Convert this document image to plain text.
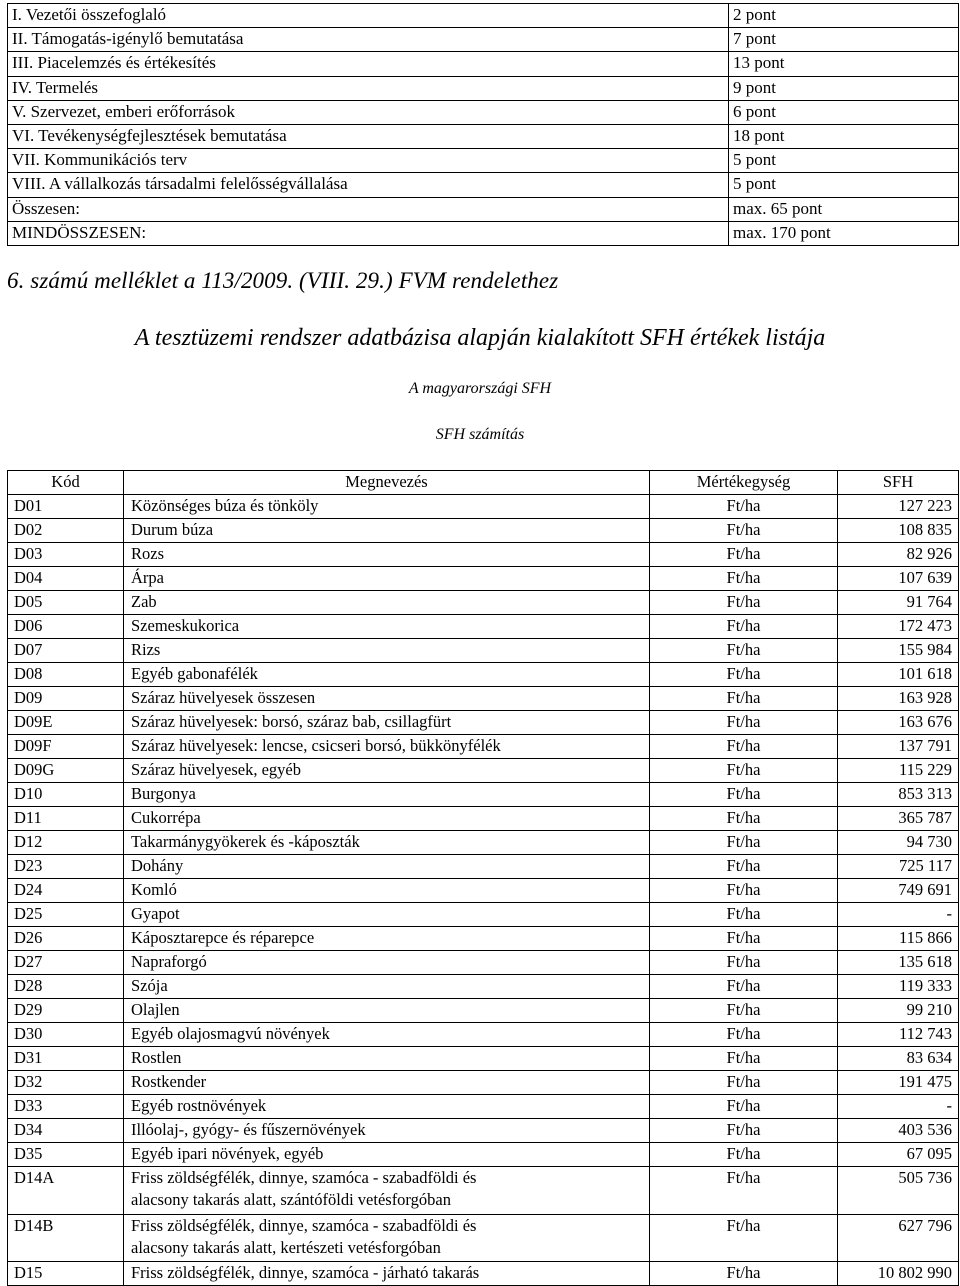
I. Vezetői összefoglaló	2 pont
II. Támogatás-igénylő bemutatása	7 pont
III. Piacelemzés és értékesítés	13 pont
IV. Termelés	9 pont
V. Szervezet, emberi erőforrások	6 pont
VI. Tevékenységfejlesztések bemutatása	18 pont
VII. Kommunikációs terv	5 pont
VIII. A vállalkozás társadalmi felelősségvállalása	5 pont
Összesen:	max. 65 pont
MINDÖSSZESEN:	max. 170 pont
6. számú melléklet a 113/2009. (VIII. 29.) FVM rendelethez
A tesztüzemi rendszer adatbázisa alapján kialakított SFH értékek listája
A magyarországi SFH
SFH számítás
Kód	Megnevezés	Mértékegység	SFH
D01	Közönséges búza és tönköly	Ft/ha	127 223
D02	Durum búza	Ft/ha	108 835
D03	Rozs	Ft/ha	82 926
D04	Árpa	Ft/ha	107 639
D05	Zab	Ft/ha	91 764
D06	Szemeskukorica	Ft/ha	172 473
D07	Rizs	Ft/ha	155 984
D08	Egyéb gabonafélék	Ft/ha	101 618
D09	Száraz hüvelyesek összesen	Ft/ha	163 928
D09E	Száraz hüvelyesek: borsó, száraz bab, csillagfürt	Ft/ha	163 676
D09F	Száraz hüvelyesek: lencse, csicseri borsó, bükkönyfélék	Ft/ha	137 791
D09G	Száraz hüvelyesek, egyéb	Ft/ha	115 229
D10	Burgonya	Ft/ha	853 313
D11	Cukorrépa	Ft/ha	365 787
D12	Takarmánygyökerek és -káposzták	Ft/ha	94 730
D23	Dohány	Ft/ha	725 117
D24	Komló	Ft/ha	749 691
D25	Gyapot	Ft/ha	-
D26	Káposztarepce és réparepce	Ft/ha	115 866
D27	Napraforgó	Ft/ha	135 618
D28	Szója	Ft/ha	119 333
D29	Olajlen	Ft/ha	99 210
D30	Egyéb olajosmagvú növények	Ft/ha	112 743
D31	Rostlen	Ft/ha	83 634
D32	Rostkender	Ft/ha	191 475
D33	Egyéb rostnövények	Ft/ha	-
D34	Illóolaj-, gyógy- és fűszernövények	Ft/ha	403 536
D35	Egyéb ipari növények, egyéb	Ft/ha	67 095
D14A	Friss zöldségfélék, dinnye, szamóca - szabadföldi és
alacsony takarás alatt, szántóföldi vetésforgóban	Ft/ha	505 736
D14B	Friss zöldségfélék, dinnye, szamóca - szabadföldi és
alacsony takarás alatt, kertészeti vetésforgóban	Ft/ha	627 796
D15	Friss zöldségfélék, dinnye, szamóca - járható takarás	Ft/ha	10 802 990
